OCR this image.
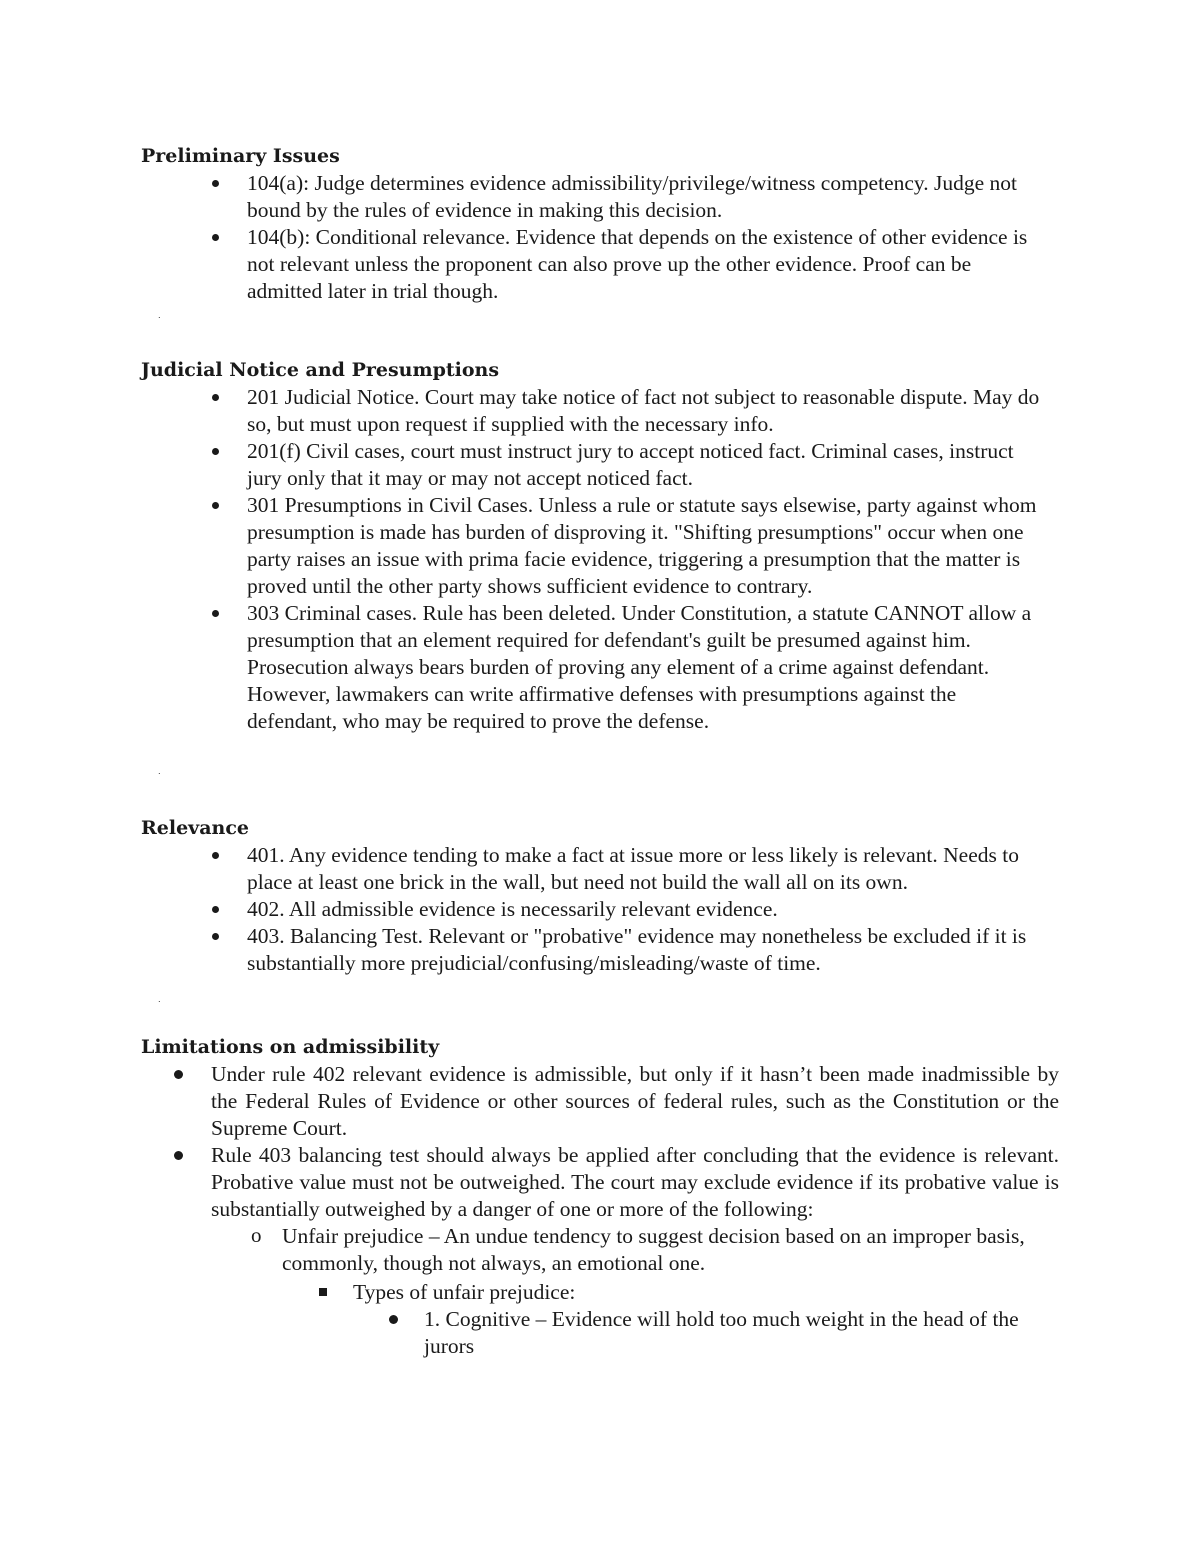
Preliminary Issues
104(a): Judge determines evidence admissibility/privilege/witness competency. Judge not bound by the rules of evidence in making this decision.
104(b): Conditional relevance. Evidence that depends on the existence of other evidence is not relevant unless the proponent can also prove up the other evidence. Proof can be admitted later in trial though.
.
Judicial Notice and Presumptions
201 Judicial Notice. Court may take notice of fact not subject to reasonable dispute. May do so, but must upon request if supplied with the necessary info.
201(f) Civil cases, court must instruct jury to accept noticed fact. Criminal cases, instruct jury only that it may or may not accept noticed fact.
301 Presumptions in Civil Cases. Unless a rule or statute says elsewise, party against whom presumption is made has burden of disproving it. "Shifting presumptions" occur when one party raises an issue with prima facie evidence, triggering a presumption that the matter is proved until the other party shows sufficient evidence to contrary.
303 Criminal cases. Rule has been deleted. Under Constitution, a statute CANNOT allow a presumption that an element required for defendant's guilt be presumed against him. Prosecution always bears burden of proving any element of a crime against defendant. However, lawmakers can write affirmative defenses with presumptions against the defendant, who may be required to prove the defense.
.
Relevance
401. Any evidence tending to make a fact at issue more or less likely is relevant. Needs to place at least one brick in the wall, but need not build the wall all on its own.
402. All admissible evidence is necessarily relevant evidence.
403. Balancing Test. Relevant or "probative" evidence may nonetheless be excluded if it is substantially more prejudicial/confusing/misleading/waste of time.
.
Limitations on admissibility
Under rule 402 relevant evidence is admissible, but only if it hasn’t been made inadmissible by the Federal Rules of Evidence or other sources of federal rules, such as the Constitution or the Supreme Court.
Rule 403 balancing test should always be applied after concluding that the evidence is relevant. Probative value must not be outweighed. The court may exclude evidence if its probative value is substantially outweighed by a danger of one or more of the following:
o Unfair prejudice – An undue tendency to suggest decision based on an improper basis, commonly, though not always, an emotional one.
Types of unfair prejudice:
1. Cognitive – Evidence will hold too much weight in the head of the jurors
